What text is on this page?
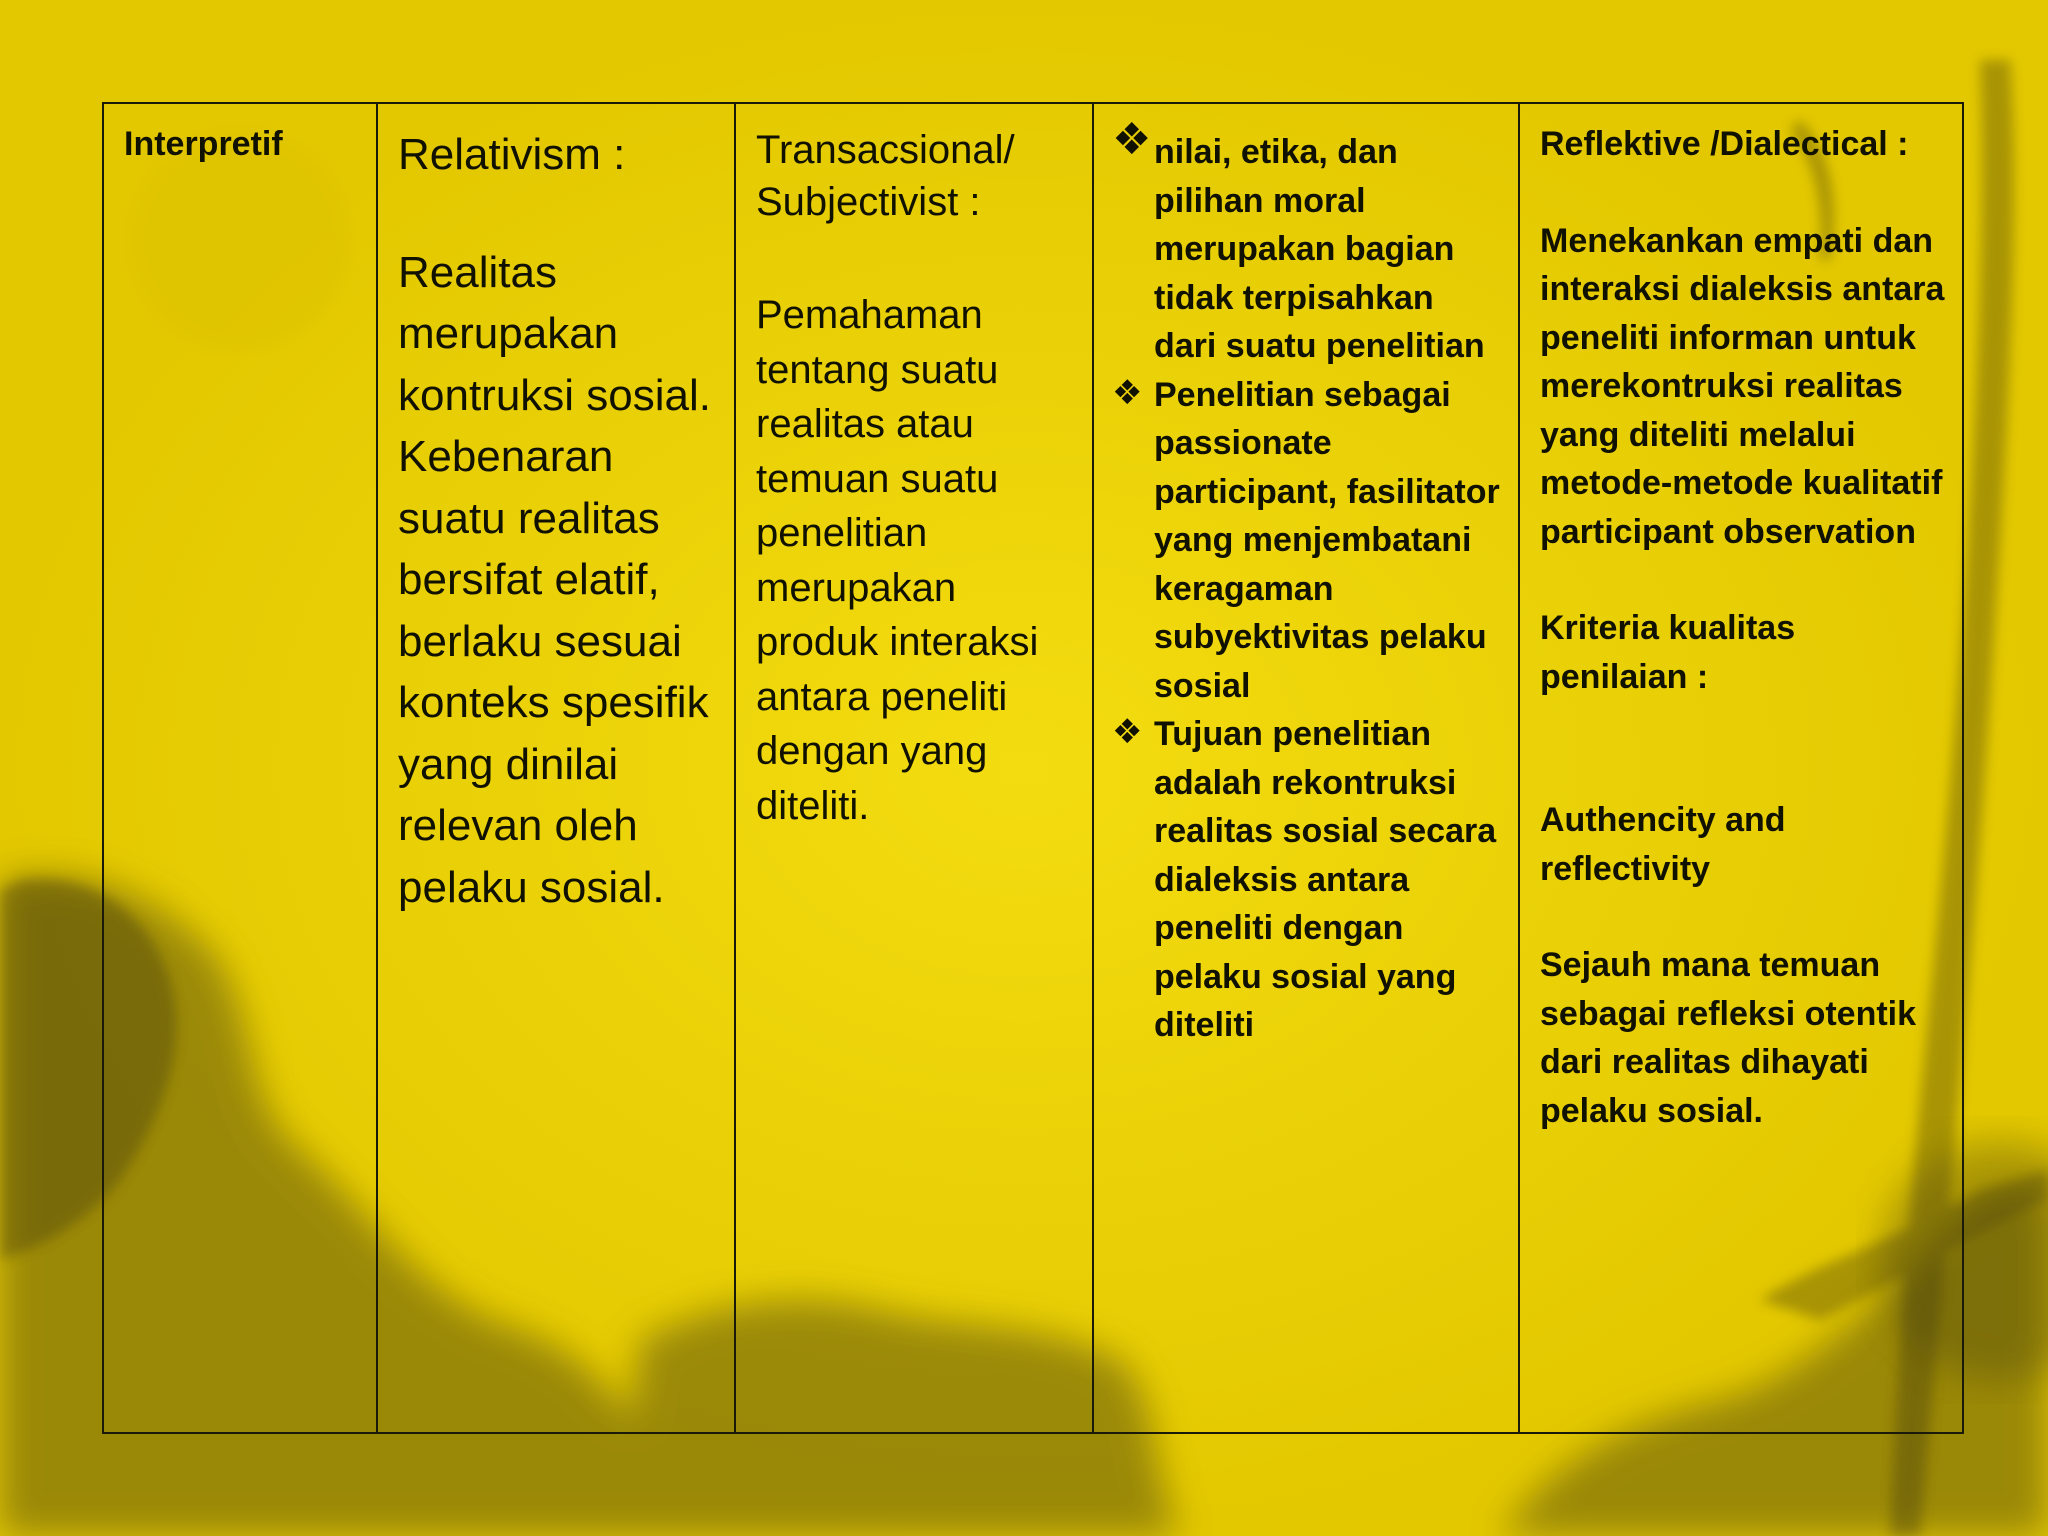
Interpretif	Relativism :
Realitas merupakan kontruksi sosial. Kebenaran suatu realitas bersifat elatif, berlaku sesuai konteks spesifik yang dinilai relevan oleh pelaku sosial.
Transacsional/ Subjectivist :
Pemahaman tentang suatu realitas atau temuan suatu penelitian merupakan produk interaksi antara peneliti dengan yang diteliti.
❖ nilai, etika, dan pilihan moral merupakan bagian tidak terpisahkan dari suatu penelitian
❖ Penelitian sebagai passionate participant, fasilitator yang menjembatani keragaman subyektivitas pelaku sosial
❖ Tujuan penelitian adalah rekontruksi realitas sosial secara dialeksis antara peneliti dengan pelaku sosial yang diteliti
Reflektive /Dialectical :
Menekankan empati dan interaksi dialeksis antara peneliti informan untuk merekontruksi realitas yang diteliti melalui metode-metode kualitatif participant observation
Kriteria kualitas penilaian :
Authencity and reflectivity
Sejauh mana temuan sebagai refleksi otentik dari realitas dihayati pelaku sosial.
